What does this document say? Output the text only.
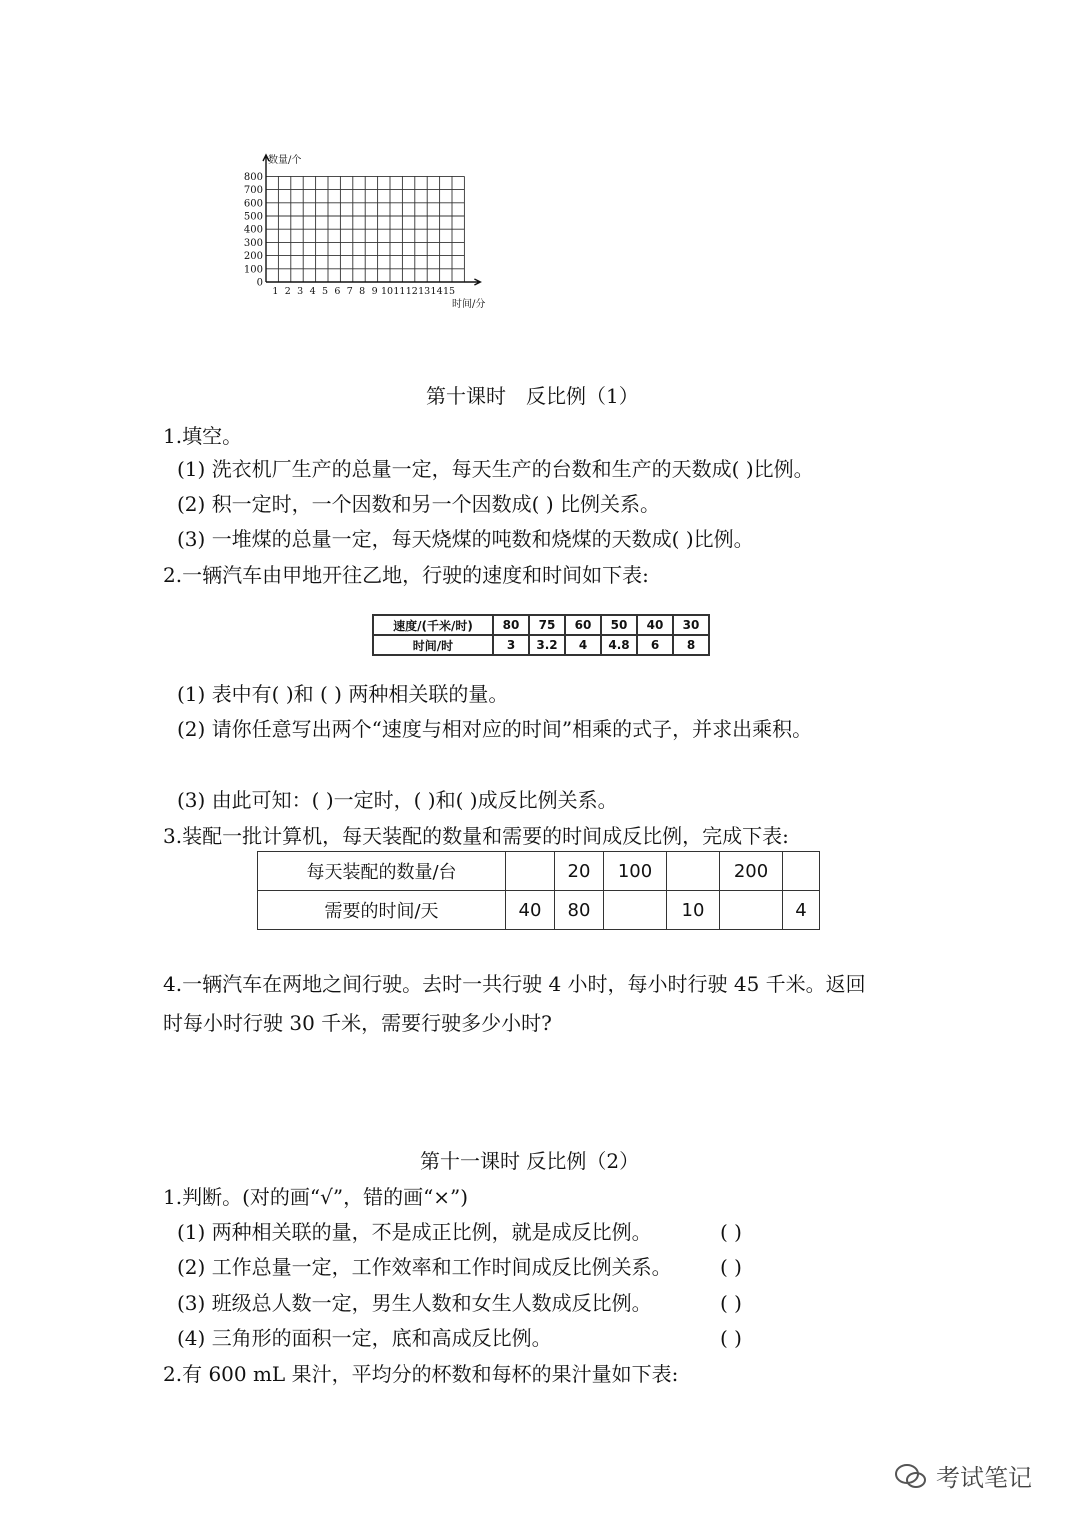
0
100
200
300
400
500
600
700
800
1 2 3 4 5 6 7 8 9 10 11 12 13 14 15
数量/个
时间/分
第十课时　反比例（1）
1.填空。
(1) 洗衣机厂生产的总量一定，每天生产的台数和生产的天数成( )比例。
(2) 积一定时，一个因数和另一个因数成( ) 比例关系。
(3) 一堆煤的总量一定，每天烧煤的吨数和烧煤的天数成( )比例。
2.一辆汽车由甲地开往乙地，行驶的速度和时间如下表:
速度/(千米/时)	80	75	60	50	40	30
时间/时	3	3.2	4	4.8	6	8
(1) 表中有( )和 ( ) 两种相关联的量。
(2) 请你任意写出两个“速度与相对应的时间”相乘的式子，并求出乘积。
(3) 由此可知：( )一定时，( )和( )成反比例关系。
3.装配一批计算机，每天装配的数量和需要的时间成反比例，完成下表:
每天装配的数量/台		20	100		200	
需要的时间/天	40	80		10		4
4.一辆汽车在两地之间行驶。去时一共行驶 4 小时，每小时行驶 45 千米。返回
时每小时行驶 30 千米，需要行驶多少小时?
第十一课时 反比例（2）
1.判断。(对的画“√”，错的画“×”)
(1) 两种相关联的量，不是成正比例，就是成反比例。	( )
(2) 工作总量一定，工作效率和工作时间成反比例关系。 ( )
(3) 班级总人数一定，男生人数和女生人数成反比例。	( )
(4) 三角形的面积一定，底和高成反比例。	( )
2.有 600 mL 果汁，平均分的杯数和每杯的果汁量如下表:
考试笔记
